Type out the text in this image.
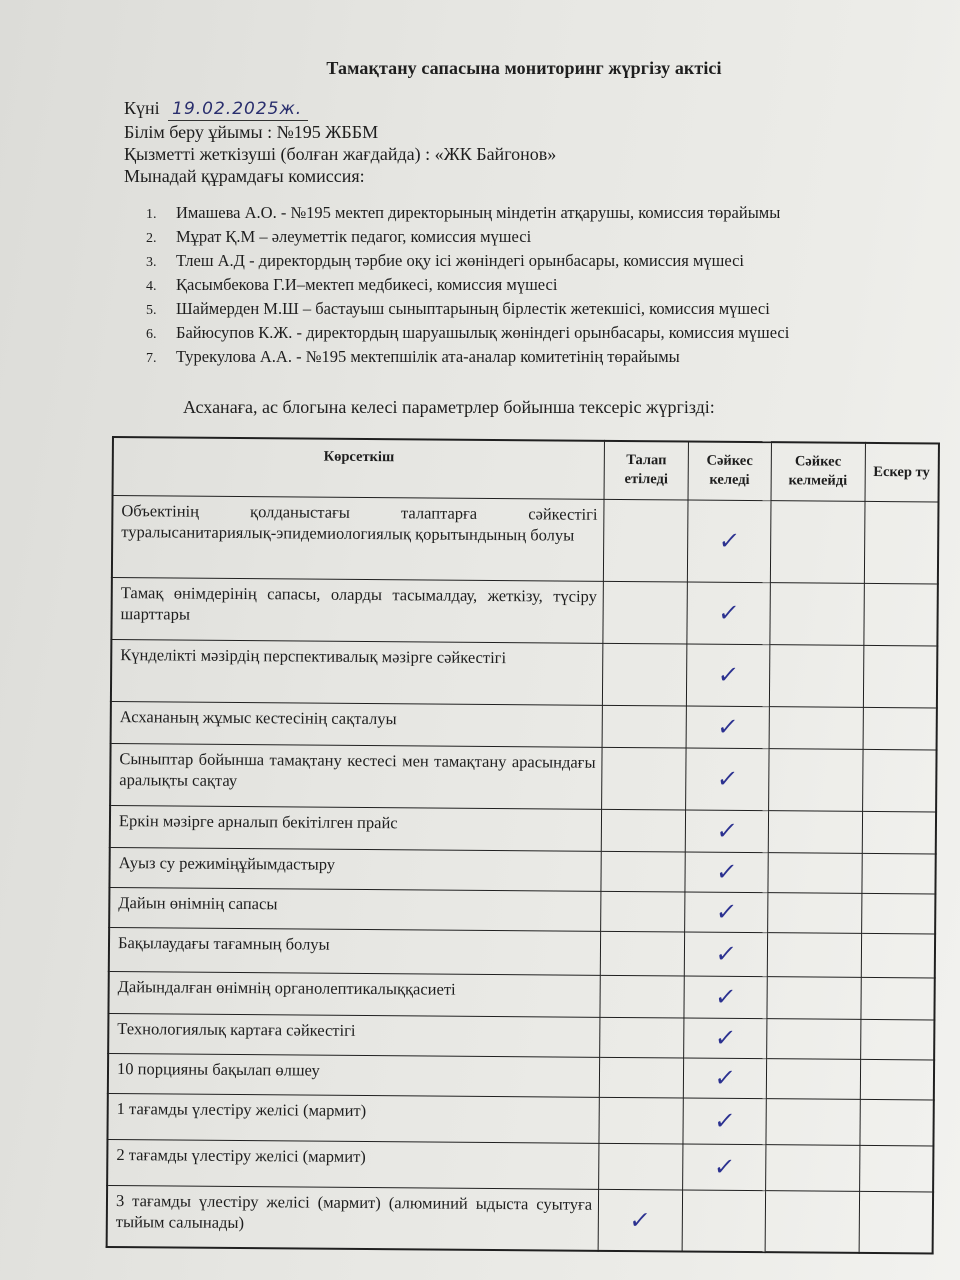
Тамақтану сапасына мониторинг жүргізу актісі
Күні 19.02.2025ж.
Білім беру ұйымы : №195 ЖББМ
Қызметті жеткізуші (болған жағдайда) : «ЖК Байгонов»
Мынадай құрамдағы комиссия:
1. Имашева А.О. - №195 мектеп директорының міндетін атқарушы, комиссия төрайымы
2. Мұрат Қ.М – әлеуметтік педагог, комиссия мүшесі
3. Тлеш А.Д - директордың тәрбие оқу ісі жөніндегі орынбасары, комиссия мүшесі
4. Қасымбекова Г.И–мектеп медбикесі, комиссия мүшесі
5. Шаймерден М.Ш – бастауыш сыныптарының бірлестік жетекшісі, комиссия мүшесі
6. Байюсупов К.Ж. - директордың шаруашылық жөніндегі орынбасары, комиссия мүшесі
7. Турекулова А.А. - №195 мектепшілік ата-аналар комитетінің төрайымы
Асханаға, ас блогына келесі параметрлер бойынша тексеріс жүргізді:
Көрсеткіш	Талап етіледі	Сәйкес келеді	Сәйкес келмейді	Ескер ту
Объектінің қолданыстағы талаптарға сәйкестігі туралысанитариялық-эпидемиологиялық қорытындының болуы		✓		
Тамақ өнімдерінің сапасы, оларды тасымалдау, жеткізу, түсіру шарттары		✓		
Күнделікті мәзірдің перспективалық мәзірге сәйкестігі		✓		
Асхананың жұмыс кестесінің сақталуы		✓		
Сыныптар бойынша тамақтану кестесі мен тамақтану арасындағы аралықты сақтау		✓		
Еркін мәзірге арналып бекітілген прайс		✓		
Ауыз су режиміңұйымдастыру		✓		
Дайын өнімнің сапасы		✓		
Бақылаудағы тағамның болуы		✓		
Дайындалған өнімнің органолептикалыққасиеті		✓		
Технологиялық картаға сәйкестігі		✓		
10 порцияны бақылап өлшеу		✓		
1 тағамды үлестіру желісі (мармит)		✓		
2 тағамды үлестіру желісі (мармит)		✓		
3 тағамды үлестіру желісі (мармит) (алюминий ыдыста суытуға тыйым салынады)	✓			
